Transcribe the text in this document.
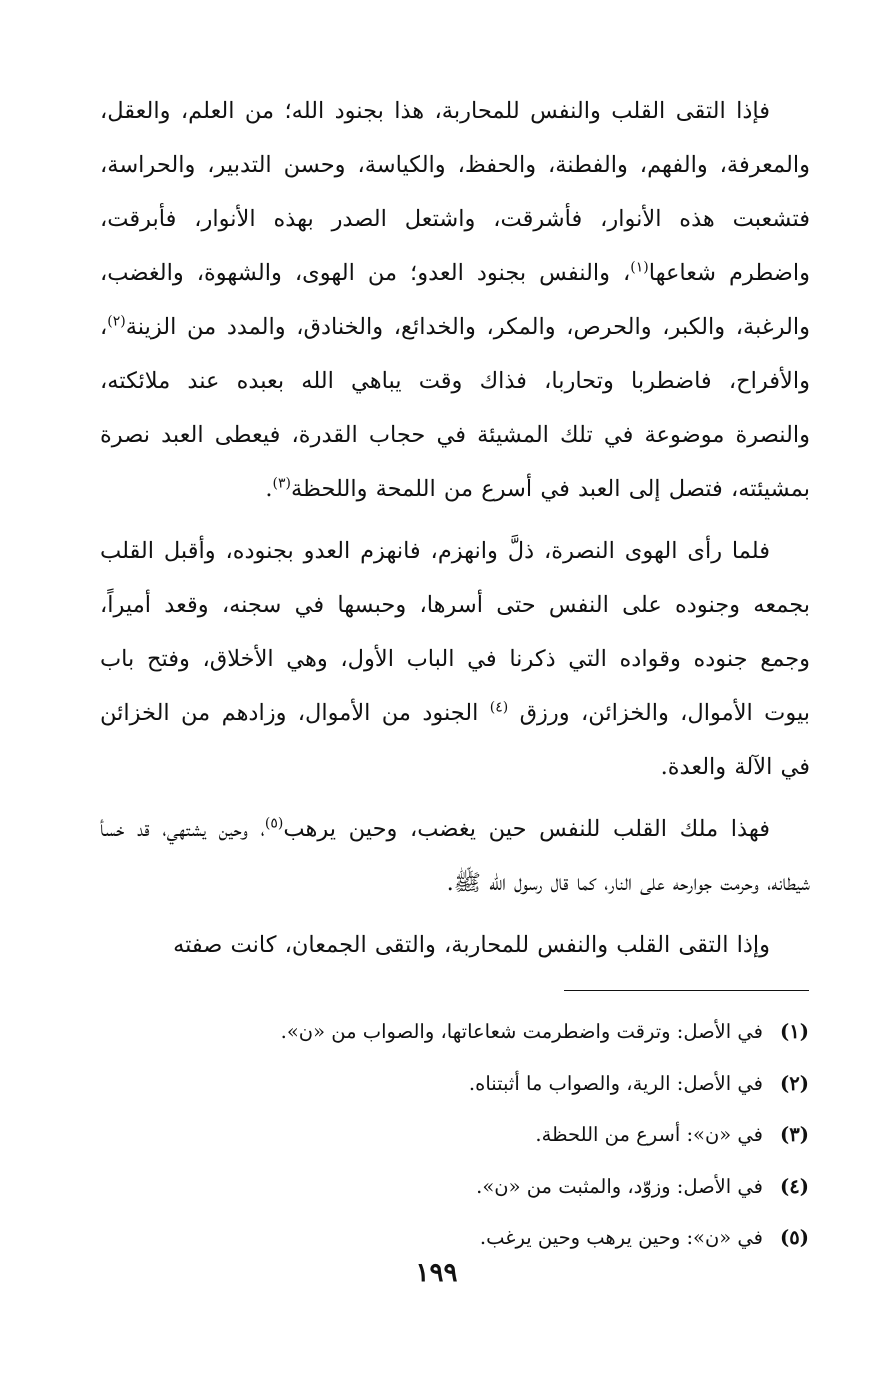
فإذا التقى القلب والنفس للمحاربة، هذا بجنود الله؛ من العلم، والعقل، والمعرفة، والفهم، والفطنة، والحفظ، والكياسة، وحسن التدبير، والحراسة، فتشعبت هذه الأنوار، فأشرقت، واشتعل الصدر بهذه الأنوار، فأبرقت، واضطرم شعاعها$^{(١)}$، والنفس بجنود العدو؛ من الهوى، والشهوة، والغضب، والرغبة، والكبر، والحرص، والمكر، والخدائع، والخنادق، والمدد من الزينة$^{(٢)}$، والأفراح، فاضطربا وتحاربا، فذاك وقت يباهي الله بعبده عند ملائكته، والنصرة موضوعة في تلك المشيئة في حجاب القدرة، فيعطى العبد نصرة بمشيئته، فتصل إلى العبد في أسرع من اللمحة واللحظة$^{(٣)}$.

فلما رأى الهوى النصرة، ذلَّ وانهزم، فانهزم العدو بجنوده، وأقبل القلب بجمعه وجنوده على النفس حتى أسرها، وحبسها في سجنه، وقعد أميراً، وجمع جنوده وقواده التي ذكرنا في الباب الأول، وهي الأخلاق، وفتح باب بيوت الأموال، والخزائن، ورزق $^{(٤)}$ الجنود من الأموال، وزادهم من الخزائن في الآلة والعدة.

فهذا ملك القلب للنفس حين يغضب، وحين يرهب$^{(٥)}$، وحين يشتهي، قد خسأ شيطانه، وحرمت جوارحه على النار، كما قال رسول الله ﷺ.

وإذا التقى القلب والنفس للمحاربة، والتقى الجمعان، كانت صفته

(١)في الأصل: وترقت واضطرمت شعاعاتها، والصواب من «ن».
(٢)في الأصل: الرية، والصواب ما أثبتناه.
(٣)في «ن»: أسرع من اللحظة.
(٤)في الأصل: وزوّد، والمثبت من «ن».
(٥)في «ن»: وحين يرهب وحين يرغب.
١٩٩
